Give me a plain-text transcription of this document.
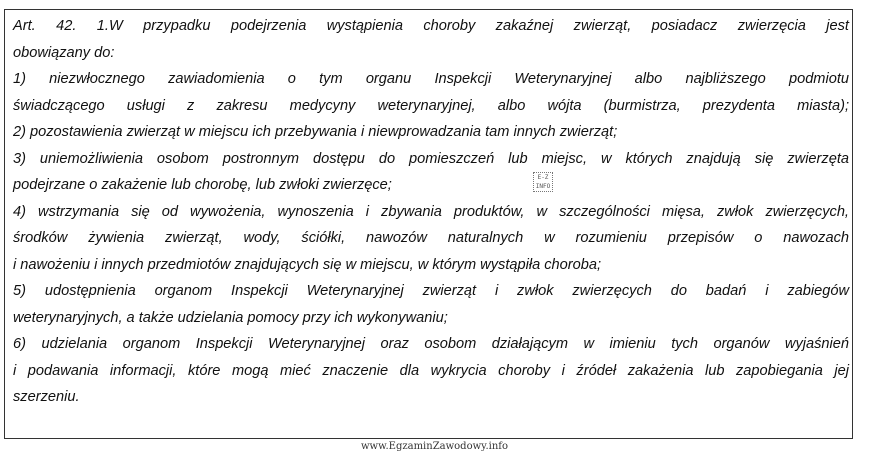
Art. 42. 1.W przypadku podejrzenia wystąpienia choroby zakaźnej zwierząt, posiadacz zwierzęcia jest
obowiązany do:
1) niezwłocznego zawiadomienia o tym organu Inspekcji Weterynaryjnej albo najbliższego podmiotu
świadczącego usługi z zakresu medycyny weterynaryjnej, albo wójta (burmistrza, prezydenta miasta);
2) pozostawienia zwierząt w miejscu ich przebywania i niewprowadzania tam innych zwierząt;
3) uniemożliwienia osobom postronnym dostępu do pomieszczeń lub miejsc, w których znajdują się zwierzęta
podejrzane o zakażenie lub chorobę, lub zwłoki zwierzęce;
4) wstrzymania się od wywożenia, wynoszenia i zbywania produktów, w szczególności mięsa, zwłok zwierzęcych,
środków żywienia zwierząt, wody, ściółki, nawozów naturalnych w rozumieniu przepisów o nawozach
i nawożeniu i innych przedmiotów znajdujących się w miejscu, w którym wystąpiła choroba;
5) udostępnienia organom Inspekcji Weterynaryjnej zwierząt i zwłok zwierzęcych do badań i zabiegów
weterynaryjnych, a także udzielania pomocy przy ich wykonywaniu;
6) udzielania organom Inspekcji Weterynaryjnej oraz osobom działającym w imieniu tych organów wyjaśnień
i podawania informacji, które mogą mieć znaczenie dla wykrycia choroby i źródeł zakażenia lub zapobiegania jej
szerzeniu.
E-Z
INFO
www.EgzaminZawodowy.info
